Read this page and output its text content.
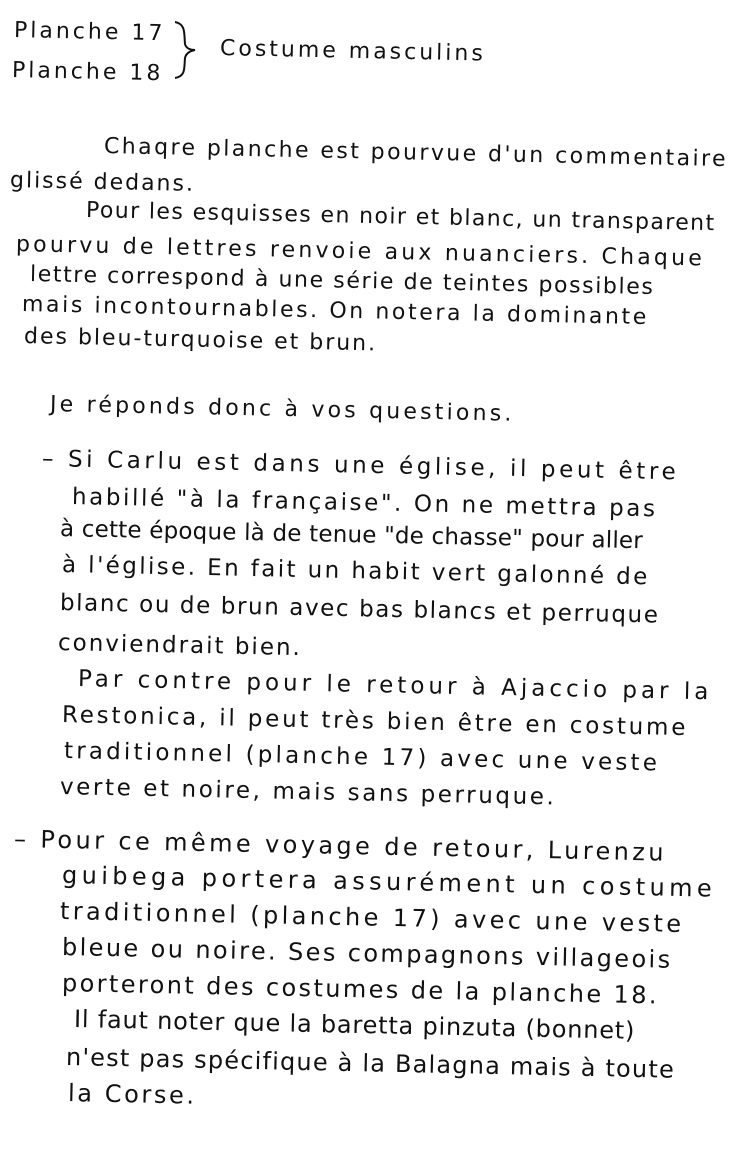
Planche 17
Planche 18
Costume masculins
Chaqre planche est pourvue d'un commentaire
glissé dedans.
Pour les esquisses en noir et blanc, un transparent
pourvu de lettres renvoie aux nuanciers. Chaque
lettre correspond à une série de teintes possibles
mais incontournables. On notera la dominante
des bleu-turquoise et brun.
Je réponds donc à vos questions.
– Si Carlu est dans une église, il peut être
habillé "à la française". On ne mettra pas
à cette époque là de tenue "de chasse" pour aller
à l'église. En fait un habit vert galonné de
blanc ou de brun avec bas blancs et perruque
conviendrait bien.
Par contre pour le retour à Ajaccio par la
Restonica, il peut très bien être en costume
traditionnel (planche 17) avec une veste
verte et noire, mais sans perruque.
– Pour ce même voyage de retour, Lurenzu
guibega portera assurément un costume
traditionnel (planche 17) avec une veste
bleue ou noire. Ses compagnons villageois
porteront des costumes de la planche 18.
Il faut noter que la baretta pinzuta (bonnet)
n'est pas spécifique à la Balagna mais à toute
la Corse.
